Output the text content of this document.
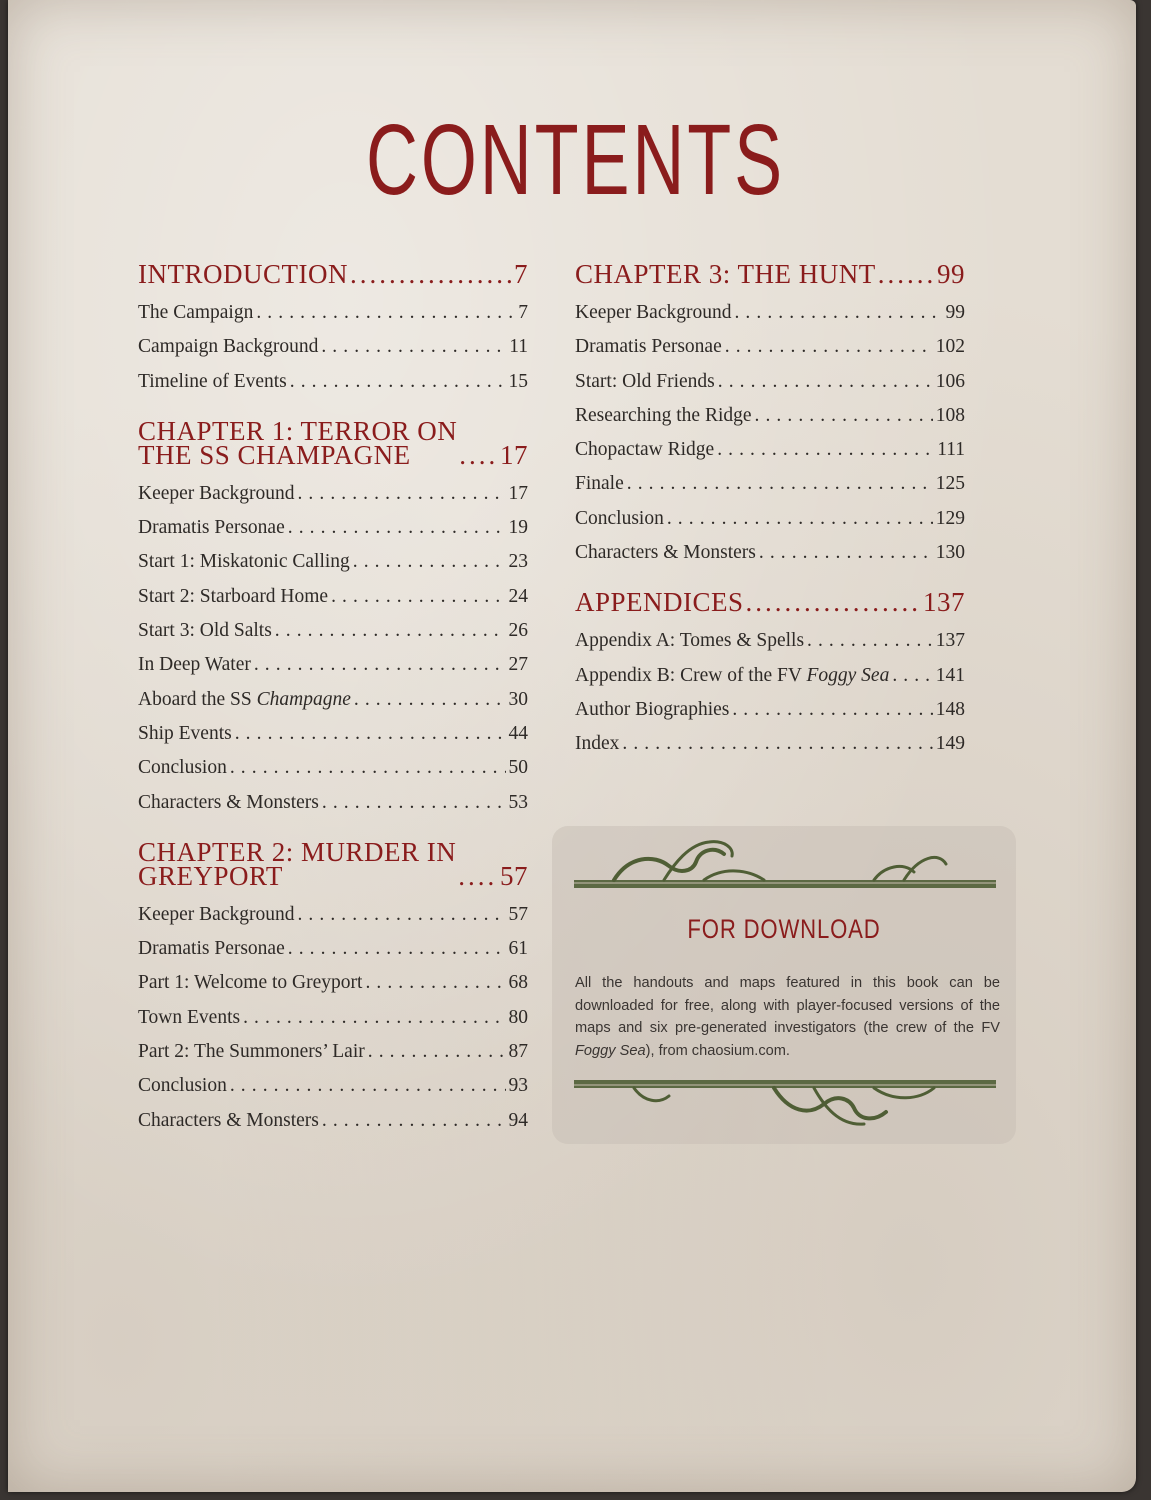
CONTENTS
INTRODUCTION .....	7
The Campaign . . .	7
Campaign Background . . .	11
Timeline of Events . . .	15
CHAPTER 1: TERROR ON
THE SS CHAMPAGNE .....	17
Keeper Background . . .	17
Dramatis Personae . . .	19
Start 1: Miskatonic Calling . . .	23
Start 2: Starboard Home . . .	24
Start 3: Old Salts . . .	26
In Deep Water . . .	27
Aboard the SS Champagne . . .	30
Ship Events . . .	44
Conclusion . . .	50
Characters & Monsters . . .	53
CHAPTER 2: MURDER IN
GREYPORT .....	57
Keeper Background . . .	57
Dramatis Personae . . .	61
Part 1: Welcome to Greyport . . .	68
Town Events . . .	80
Part 2: The Summoners’ Lair . . .	87
Conclusion . . .	93
Characters & Monsters . . .	94
CHAPTER 3: THE HUNT ..... 99
Keeper Background . . .	99
Dramatis Personae . . .	102
Start: Old Friends . . .	106
Researching the Ridge . . .	108
Chopactaw Ridge . . .	111
Finale . . .	125
Conclusion . . .	129
Characters & Monsters . . .	130
APPENDICES .....	137
Appendix A: Tomes & Spells . . .	137
Appendix B: Crew of the FV Foggy Sea . . . 141
Author Biographies . . .	148
Index . . .	149
FOR DOWNLOAD
All the handouts and maps featured in this book can be downloaded for free, along with player-focused versions of the maps and six pre-generated investigators (the crew of the FV Foggy Sea), from chaosium.com.
